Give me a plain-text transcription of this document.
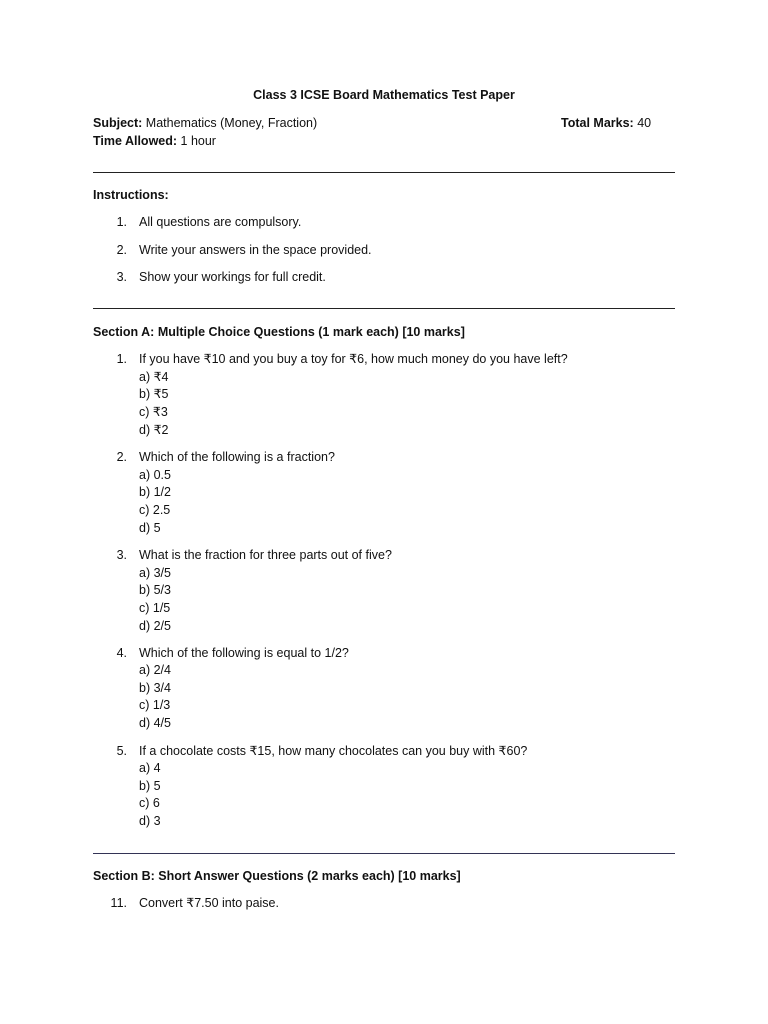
Class 3 ICSE Board Mathematics Test Paper
Subject: Mathematics (Money, Fraction)	Total Marks: 40
Time Allowed: 1 hour
Instructions:
1. All questions are compulsory.
2. Write your answers in the space provided.
3. Show your workings for full credit.
Section A: Multiple Choice Questions (1 mark each) [10 marks]
1. If you have ₹10 and you buy a toy for ₹6, how much money do you have left?
a) ₹4
b) ₹5
c) ₹3
d) ₹2
2. Which of the following is a fraction?
a) 0.5
b) 1/2
c) 2.5
d) 5
3. What is the fraction for three parts out of five?
a) 3/5
b) 5/3
c) 1/5
d) 2/5
4. Which of the following is equal to 1/2?
a) 2/4
b) 3/4
c) 1/3
d) 4/5
5. If a chocolate costs ₹15, how many chocolates can you buy with ₹60?
a) 4
b) 5
c) 6
d) 3
Section B: Short Answer Questions (2 marks each) [10 marks]
11. Convert ₹7.50 into paise.
